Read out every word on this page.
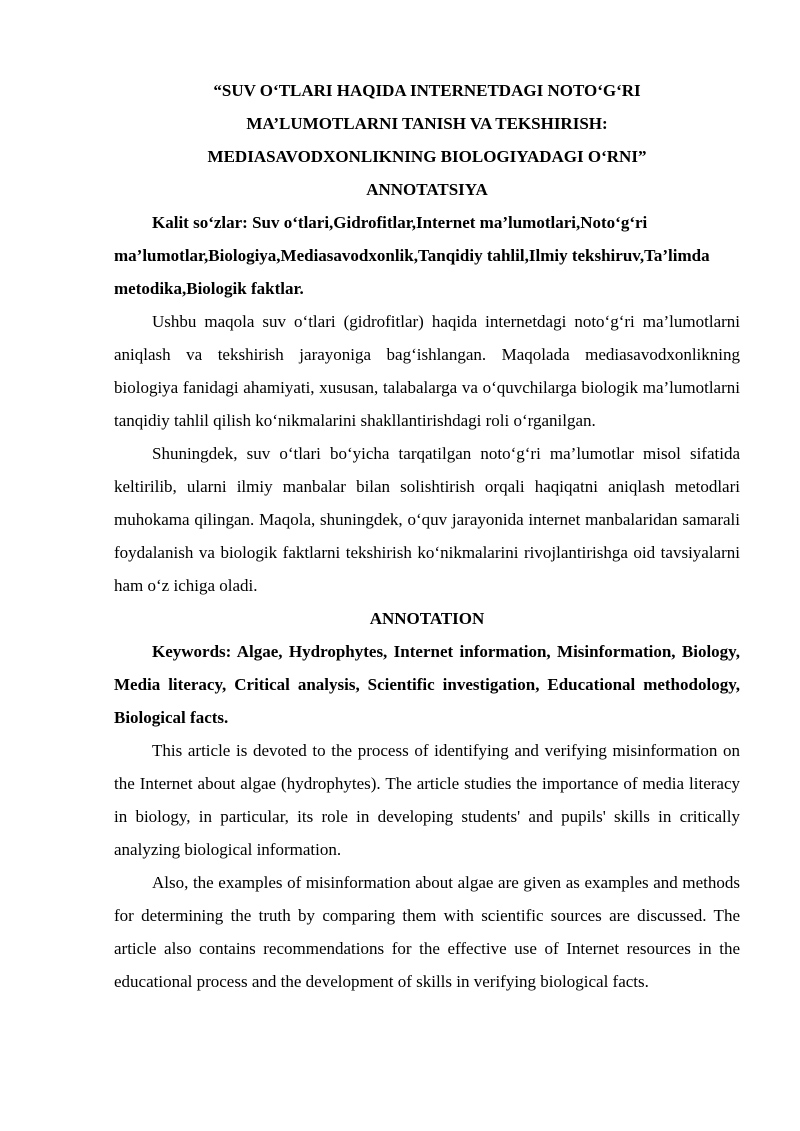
“SUV O‘TLARI HAQIDA INTERNETDAGI NOTO‘G‘RI
MA’LUMOTLARNI TANISH VA TEKSHIRISH:
MEDIASAVODXONLIKNING BIOLOGIYADAGI O‘RNI”
ANNOTATSIYA

Kalit so‘zlar: Suv o‘tlari,Gidrofitlar,Internet ma’lumotlari,Noto‘g‘ri ma’lumotlar,Biologiya,Mediasavodxonlik,Tanqidiy tahlil,Ilmiy tekshiruv,Ta’limda metodika,Biologik faktlar.

Ushbu maqola suv o‘tlari (gidrofitlar) haqida internetdagi noto‘g‘ri ma’lumotlarni aniqlash va tekshirish jarayoniga bag‘ishlangan. Maqolada mediasavodxonlikning biologiya fanidagi ahamiyati, xususan, talabalarga va o‘quvchilarga biologik ma’lumotlarni tanqidiy tahlil qilish ko‘nikmalarini shakllantirishdagi roli o‘rganilgan.

Shuningdek, suv o‘tlari bo‘yicha tarqatilgan noto‘g‘ri ma’lumotlar misol sifatida keltirilib, ularni ilmiy manbalar bilan solishtirish orqali haqiqatni aniqlash metodlari muhokama qilingan. Maqola, shuningdek, o‘quv jarayonida internet manbalaridan samarali foydalanish va biologik faktlarni tekshirish ko‘nikmalarini rivojlantirishga oid tavsiyalarni ham o‘z ichiga oladi.

ANNOTATION

Keywords: Algae, Hydrophytes, Internet information, Misinformation, Biology, Media literacy, Critical analysis, Scientific investigation, Educational methodology, Biological facts.

This article is devoted to the process of identifying and verifying misinformation on the Internet about algae (hydrophytes). The article studies the importance of media literacy in biology, in particular, its role in developing students' and pupils' skills in critically analyzing biological information.

Also, the examples of misinformation about algae are given as examples and methods for determining the truth by comparing them with scientific sources are discussed. The article also contains recommendations for the effective use of Internet resources in the educational process and the development of skills in verifying biological facts.
